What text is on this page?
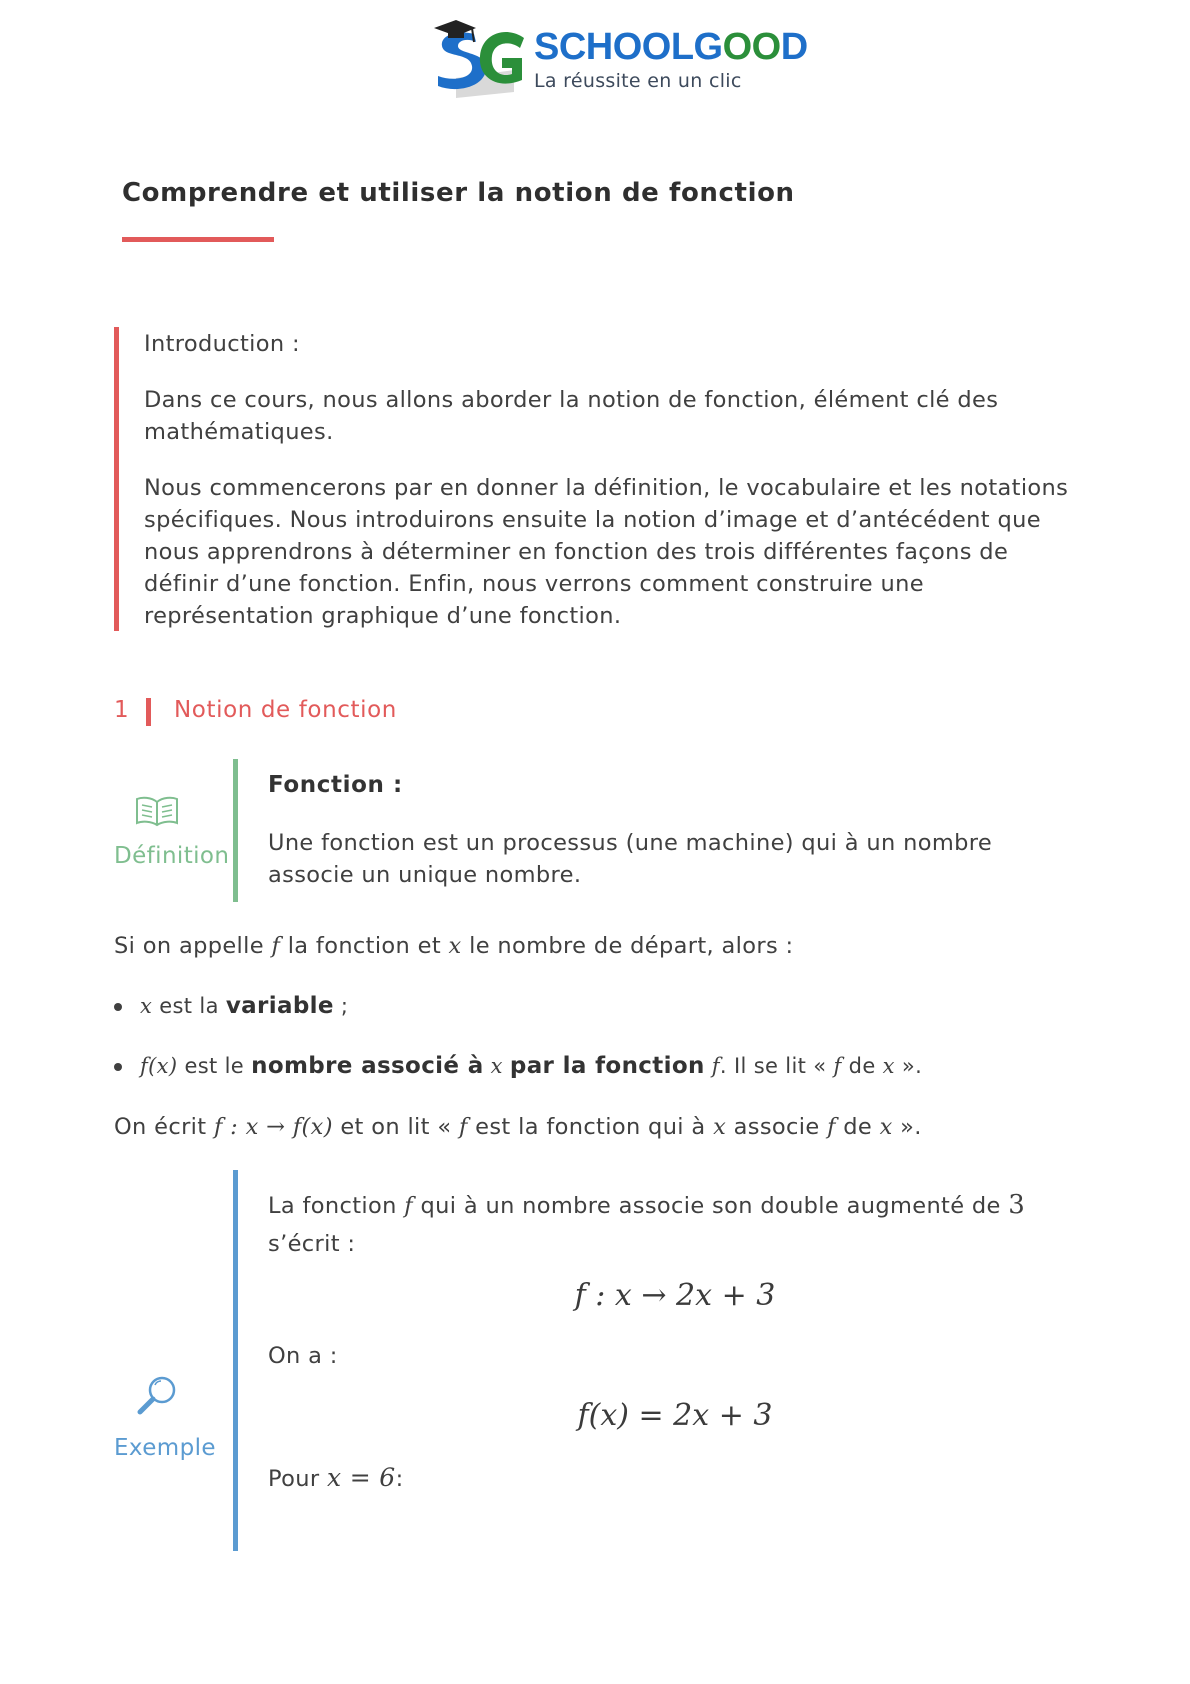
SCHOOLGOOD
La réussite en un clic
Comprendre et utiliser la notion de fonction
Introduction :
Dans ce cours, nous allons aborder la notion de fonction, élément clé des mathématiques.
Nous commencerons par en donner la définition, le vocabulaire et les notations spécifiques. Nous introduirons ensuite la notion d’image et d’antécédent que nous apprendrons à déterminer en fonction des trois différentes façons de définir d’une fonction. Enfin, nous verrons comment construire une représentation graphique d’une fonction.
1 Notion de fonction
Définition
Fonction :
Une fonction est un processus (une machine) qui à un nombre associe un unique nombre.
Si on appelle f la fonction et x le nombre de départ, alors :
x est la variable ;
f(x) est le nombre associé à x par la fonction f. Il se lit « f de x ».
On écrit f : x → f(x) et on lit « f est la fonction qui à x associe f de x ».
Exemple
La fonction f qui à un nombre associe son double augmenté de 3 s’écrit :
f : x → 2x + 3
On a :
f(x) = 2x + 3
Pour x = 6:
